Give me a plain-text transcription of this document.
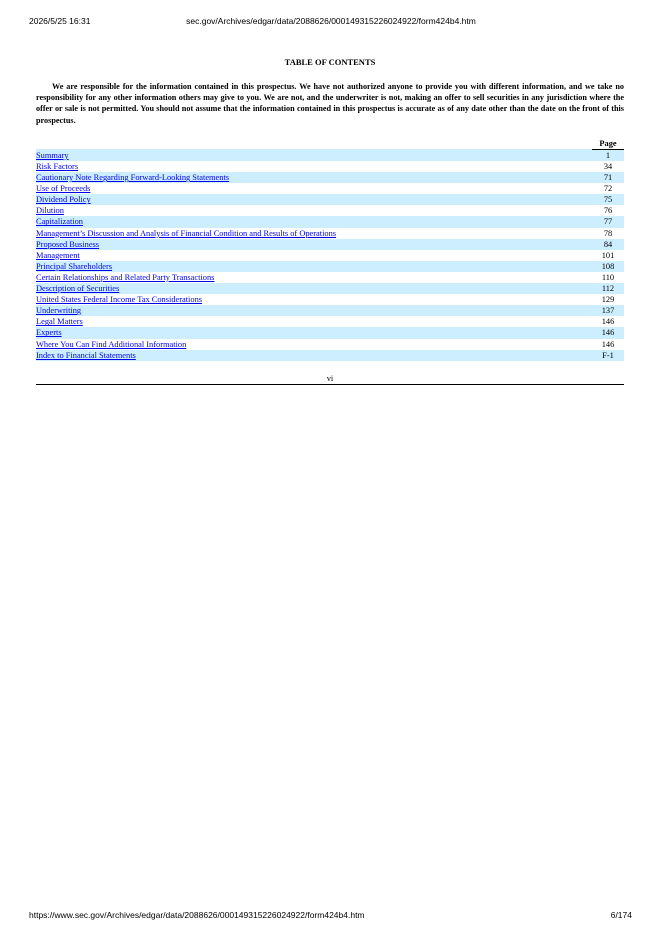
2026/5/25 16:31	sec.gov/Archives/edgar/data/2088626/000149315226024922/form424b4.htm
TABLE OF CONTENTS

We are responsible for the information contained in this prospectus. We have not authorized anyone to provide you with different information, and we take no responsibility for any other information others may give to you. We are not, and the underwriter is not, making an offer to sell securities in any jurisdiction where the offer or sale is not permitted. You should not assume that the information contained in this prospectus is accurate as of any date other than the date on the front of this prospectus.

	Page
Summary	1
Risk Factors	34
Cautionary Note Regarding Forward-Looking Statements	71
Use of Proceeds	72
Dividend Policy	75
Dilution	76
Capitalization	77
Management’s Discussion and Analysis of Financial Condition and Results of Operations	78
Proposed Business	84
Management	101
Principal Shareholders	108
Certain Relationships and Related Party Transactions	110
Description of Securities	112
United States Federal Income Tax Considerations	129
Underwriting	137
Legal Matters	146
Experts	146
Where You Can Find Additional Information	146
Index to Financial Statements	F-1
vi
https://www.sec.gov/Archives/edgar/data/2088626/000149315226024922/form424b4.htm	6/174
